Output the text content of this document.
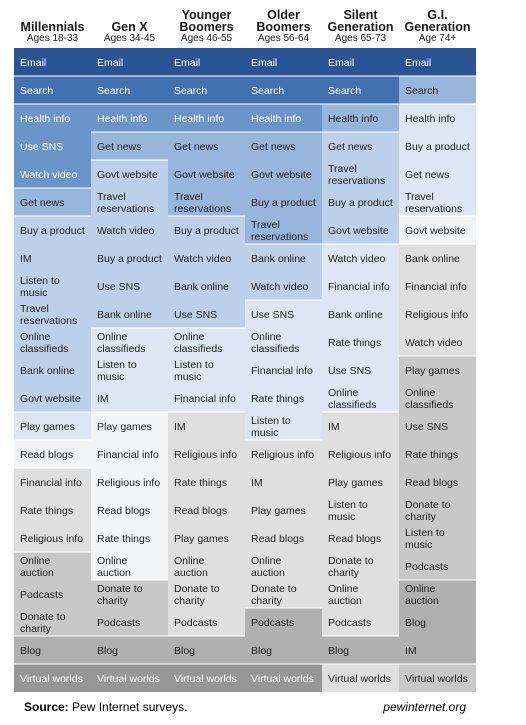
Millennials
Ages 18-33
Gen X
Ages 34-45
Younger Boomers
Ages 46-55
Older Boomers
Ages 56-64
Silent Generation
Ages 65-73
G.I. Generation
Age 74+
Email
Search
Health info
Use SNS
Watch video
Get news
Buy a product
IM
Listen to music
Travel reservations
Online classifieds
Bank online
Govt website
Play games
Read blogs
Financial info
Rate things
Religious info
Online auction
Podcasts
Donate to charity
Blog
Virtual worlds
Email
Search
Health info
Get news
Govt website
Travel reservations
Watch video
Buy a product
Use SNS
Bank online
Online classifieds
Listen to music
IM
Play games
Financial info
Religious info
Read blogs
Rate things
Online auction
Donate to charity
Podcasts
Blog
Virtual worlds
Email
Search
Health info
Get news
Govt website
Travel reservations
Buy a product
Watch video
Bank online
Use SNS
Online classifieds
Listen to music
Financial info
IM
Religious info
Rate things
Read blogs
Play games
Online auction
Donate to charity
Podcasts
Blog
Virtual worlds
Email
Search
Health info
Get news
Govt website
Buy a product
Travel reservations
Bank online
Watch video
Use SNS
Online classifieds
Financial info
Rate things
Listen to music
Religious info
IM
Play games
Read blogs
Online auction
Donate to charity
Podcasts
Blog
Virtual worlds
Email
Search
Health info
Get news
Travel reservations
Buy a product
Govt website
Watch video
Financial info
Bank online
Rate things
Use SNS
Online classifieds
IM
Religious info
Play games
Listen to music
Read blogs
Donate to charity
Online auction
Podcasts
Blog
Virtual worlds
Email
Search
Health info
Buy a product
Get news
Travel reservations
Govt website
Bank online
Financial info
Religious info
Watch video
Play games
Online classifieds
Use SNS
Rate things
Read blogs
Donate to charity
Listen to music
Podcasts
Online auction
Blog
IM
Virtual worlds
Source: Pew Internet surveys.	pewinternet.org
